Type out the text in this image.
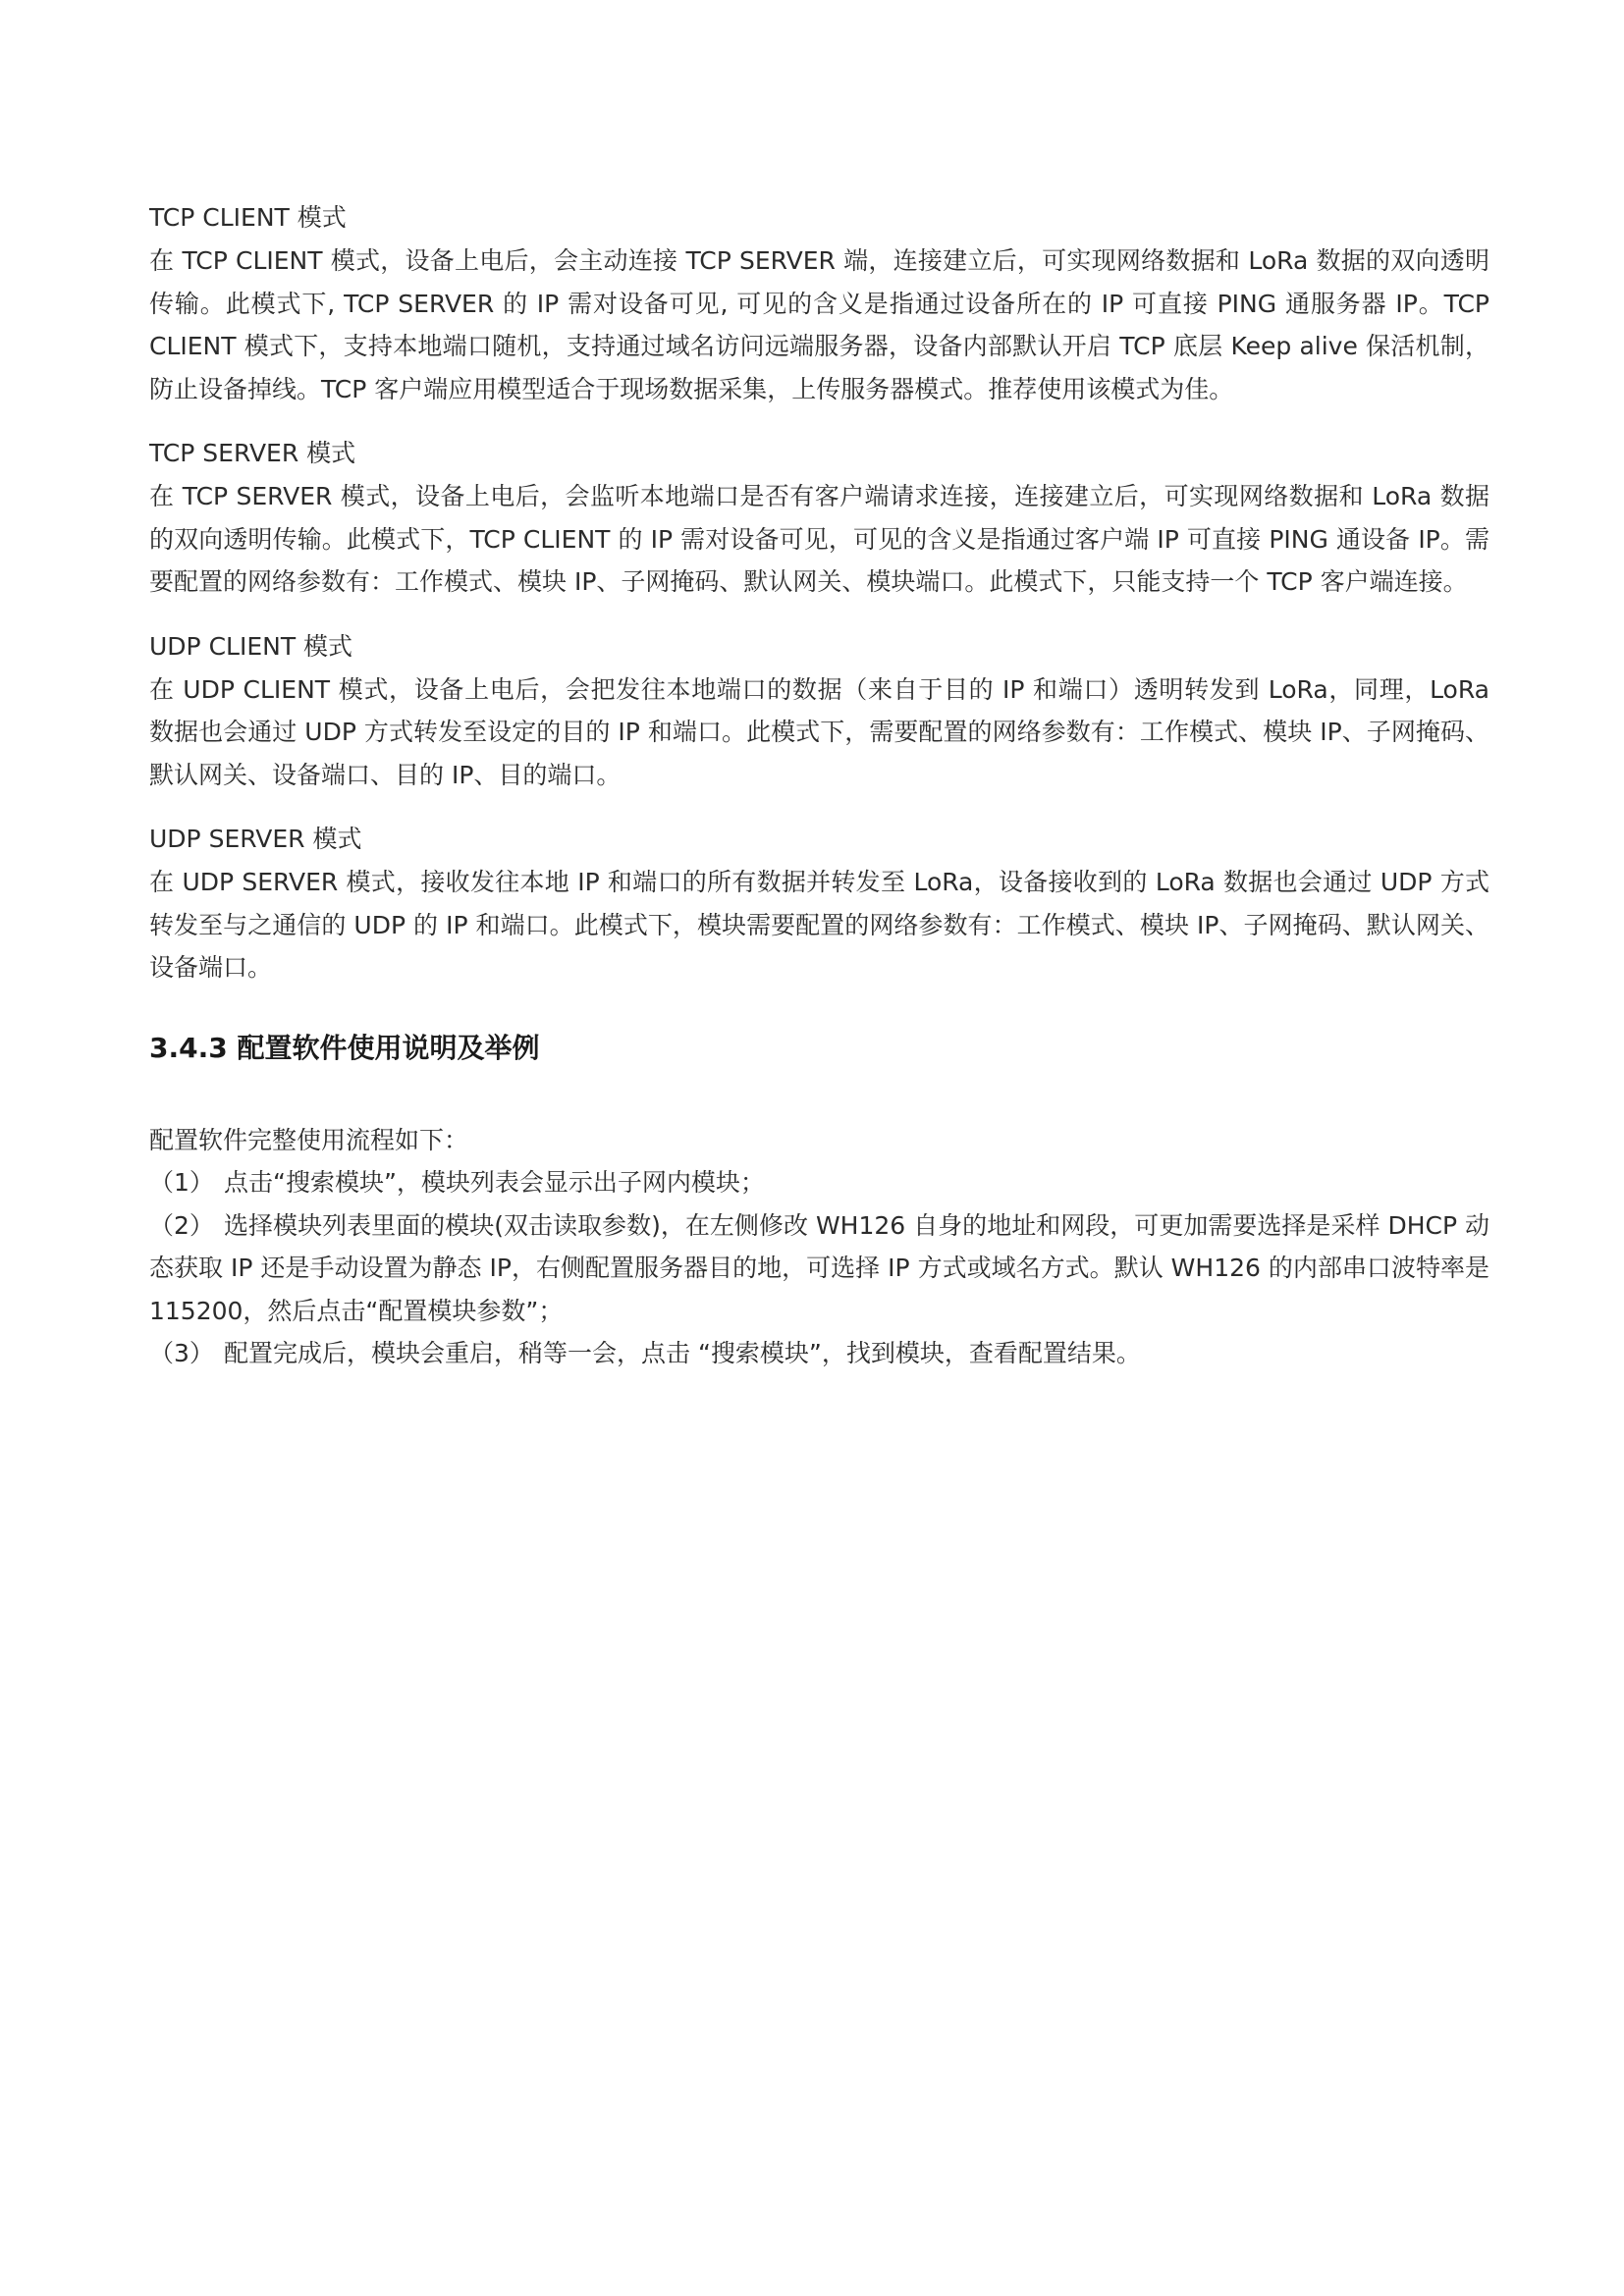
TCP CLIENT 模式
在 TCP CLIENT 模式，设备上电后，会主动连接 TCP SERVER 端，连接建立后，可实现网络数据和 LoRa 数据的双向透明传输。此模式下, TCP SERVER 的 IP 需对设备可见, 可见的含义是指通过设备所在的 IP 可直接 PING 通服务器 IP。TCP CLIENT 模式下，支持本地端口随机，支持通过域名访问远端服务器，设备内部默认开启 TCP 底层 Keep alive 保活机制，防止设备掉线。TCP 客户端应用模型适合于现场数据采集，上传服务器模式。推荐使用该模式为佳。
TCP SERVER 模式
在 TCP SERVER 模式，设备上电后，会监听本地端口是否有客户端请求连接，连接建立后，可实现网络数据和 LoRa 数据的双向透明传输。此模式下，TCP CLIENT 的 IP 需对设备可见，可见的含义是指通过客户端 IP 可直接 PING 通设备 IP。需要配置的网络参数有：工作模式、模块 IP、子网掩码、默认网关、模块端口。此模式下，只能支持一个 TCP 客户端连接。
UDP CLIENT 模式
在 UDP CLIENT 模式，设备上电后，会把发往本地端口的数据（来自于目的 IP 和端口）透明转发到 LoRa，同理，LoRa 数据也会通过 UDP 方式转发至设定的目的 IP 和端口。此模式下，需要配置的网络参数有：工作模式、模块 IP、子网掩码、默认网关、设备端口、目的 IP、目的端口。
UDP SERVER 模式
在 UDP SERVER 模式，接收发往本地 IP 和端口的所有数据并转发至 LoRa，设备接收到的 LoRa 数据也会通过 UDP 方式转发至与之通信的 UDP 的 IP 和端口。此模式下，模块需要配置的网络参数有：工作模式、模块 IP、子网掩码、默认网关、设备端口。
3.4.3 配置软件使用说明及举例
配置软件完整使用流程如下：
（1） 点击“搜索模块”，模块列表会显示出子网内模块；
（2） 选择模块列表里面的模块(双击读取参数)，在左侧修改 WH126 自身的地址和网段，可更加需要选择是采样 DHCP 动态获取 IP 还是手动设置为静态 IP，右侧配置服务器目的地，可选择 IP 方式或域名方式。默认 WH126 的内部串口波特率是 115200，然后点击“配置模块参数”；
（3） 配置完成后，模块会重启，稍等一会，点击 “搜索模块”，找到模块，查看配置结果。
